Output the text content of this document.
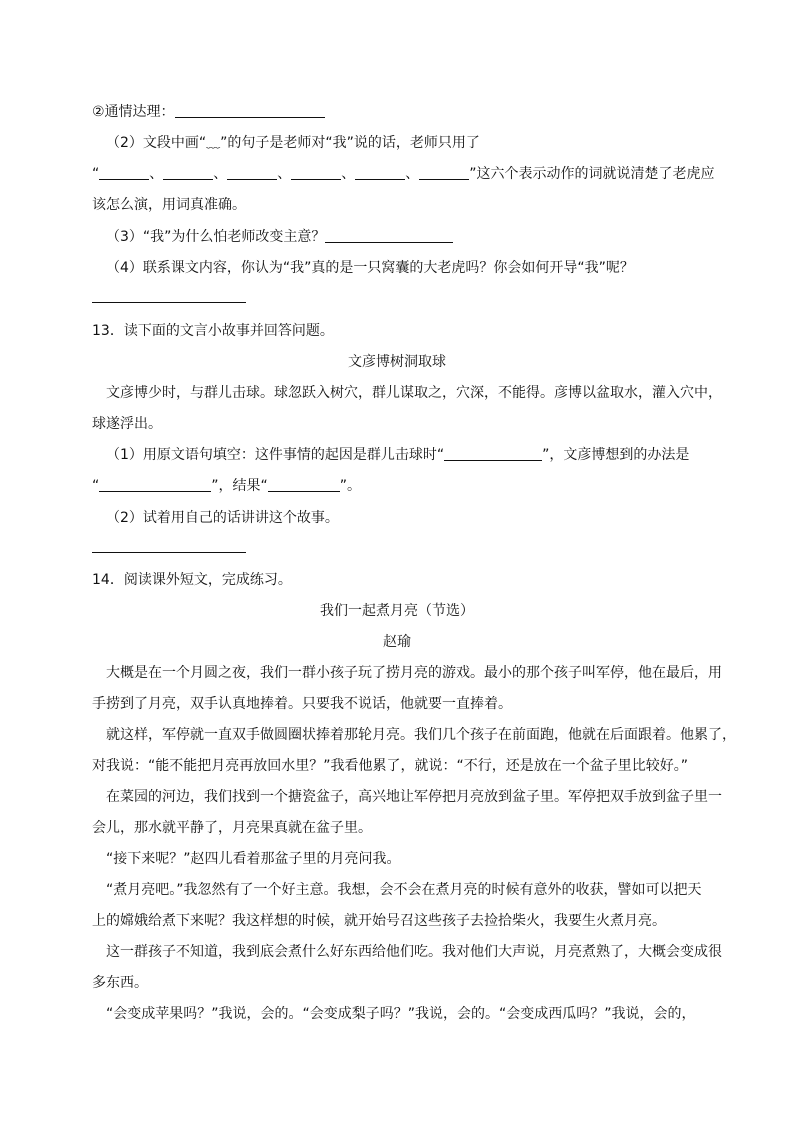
②通情达理：
（2）文段中画“﹏”的句子是老师对“我”说的话，老师只用了
“	、	、	、	、	、	”这六个表示动作的词就说清楚了老虎应
该怎么演，用词真准确。
（3）“我”为什么怕老师改变主意？
（4）联系课文内容，你认为“我”真的是一只窝囊的大老虎吗？你会如何开导“我”呢？
13．读下面的文言小故事并回答问题。
文彦博树洞取球
文彦博少时，与群儿击球。球忽跃入树穴，群儿谋取之，穴深，不能得。彦博以盆取水，灌入穴中，
球遂浮出。
（1）用原文语句填空：这件事情的起因是群儿击球时“	”，文彦博想到的办法是
“	”，结果“	”。
（2）试着用自己的话讲讲这个故事。
14．阅读课外短文，完成练习。
我们一起煮月亮（节选）
赵瑜
大概是在一个月圆之夜，我们一群小孩子玩了捞月亮的游戏。最小的那个孩子叫军停，他在最后，用
手捞到了月亮，双手认真地捧着。只要我不说话，他就要一直捧着。
就这样，军停就一直双手做圆圈状捧着那轮月亮。我们几个孩子在前面跑，他就在后面跟着。他累了，
对我说：“能不能把月亮再放回水里？”我看他累了，就说：“不行，还是放在一个盆子里比较好。”
在菜园的河边，我们找到一个搪瓷盆子，高兴地让军停把月亮放到盆子里。军停把双手放到盆子里一
会儿，那水就平静了，月亮果真就在盆子里。
“接下来呢？”赵四儿看着那盆子里的月亮问我。
“煮月亮吧。”我忽然有了一个好主意。我想，会不会在煮月亮的时候有意外的收获，譬如可以把天
上的嫦娥给煮下来呢？我这样想的时候，就开始号召这些孩子去捡拾柴火，我要生火煮月亮。
这一群孩子不知道，我到底会煮什么好东西给他们吃。我对他们大声说，月亮煮熟了，大概会变成很
多东西。
“会变成苹果吗？”我说，会的。“会变成梨子吗？”我说，会的。“会变成西瓜吗？”我说，会的，
